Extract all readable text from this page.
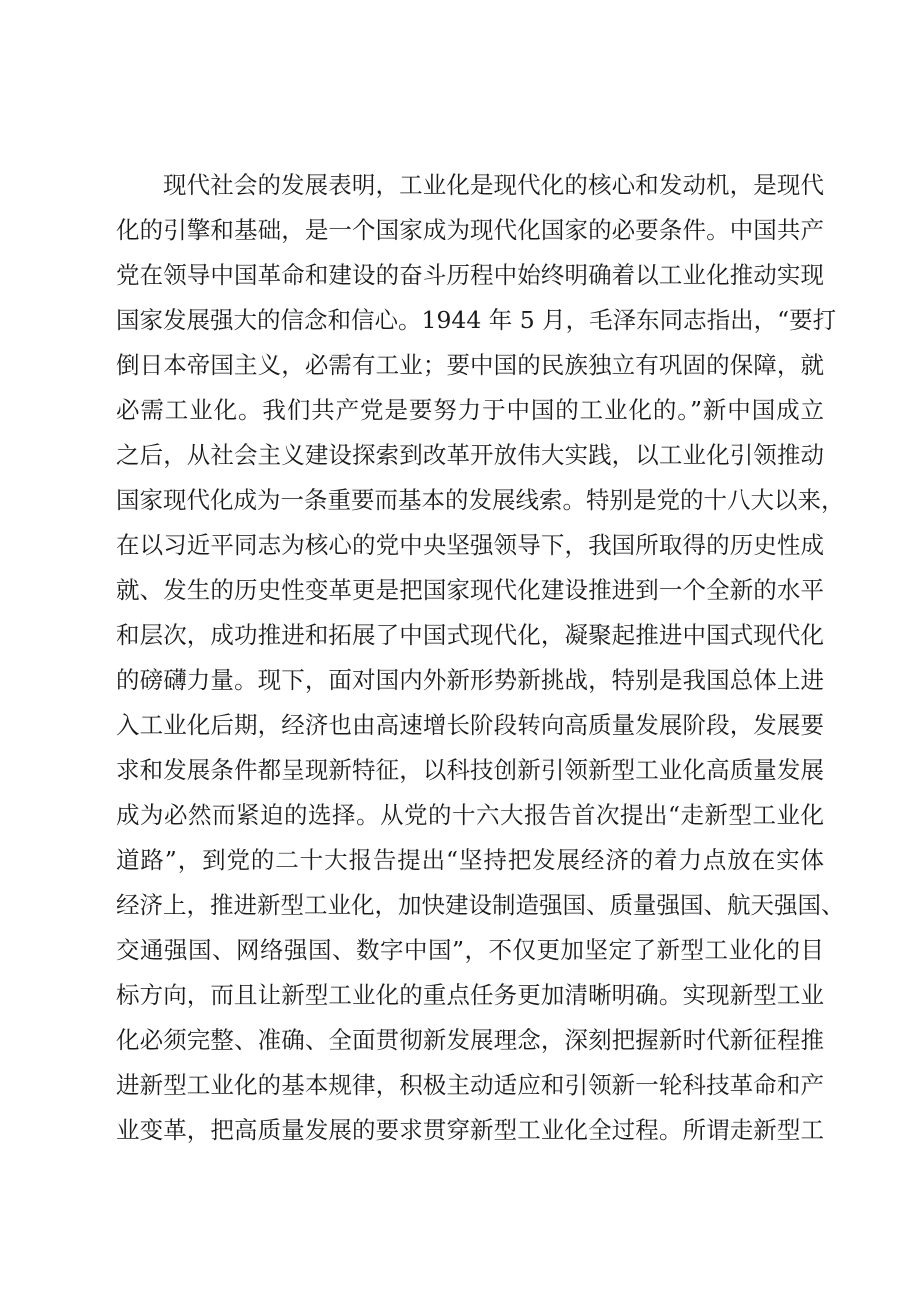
现代社会的发展表明，工业化是现代化的核心和发动机，是现代
化的引擎和基础，是一个国家成为现代化国家的必要条件。中国共产
党在领导中国革命和建设的奋斗历程中始终明确着以工业化推动实现
国家发展强大的信念和信心。1944 年 5 月，毛泽东同志指出，“要打
倒日本帝国主义，必需有工业；要中国的民族独立有巩固的保障，就
必需工业化。我们共产党是要努力于中国的工业化的。”新中国成立
之后，从社会主义建设探索到改革开放伟大实践，以工业化引领推动
国家现代化成为一条重要而基本的发展线索。特别是党的十八大以来，
在以习近平同志为核心的党中央坚强领导下，我国所取得的历史性成
就、发生的历史性变革更是把国家现代化建设推进到一个全新的水平
和层次，成功推进和拓展了中国式现代化，凝聚起推进中国式现代化
的磅礴力量。现下，面对国内外新形势新挑战，特别是我国总体上进
入工业化后期，经济也由高速增长阶段转向高质量发展阶段，发展要
求和发展条件都呈现新特征，以科技创新引领新型工业化高质量发展
成为必然而紧迫的选择。从党的十六大报告首次提出“走新型工业化
道路”，到党的二十大报告提出“坚持把发展经济的着力点放在实体
经济上，推进新型工业化，加快建设制造强国、质量强国、航天强国、
交通强国、网络强国、数字中国”，不仅更加坚定了新型工业化的目
标方向，而且让新型工业化的重点任务更加清晰明确。实现新型工业
化必须完整、准确、全面贯彻新发展理念，深刻把握新时代新征程推
进新型工业化的基本规律，积极主动适应和引领新一轮科技革命和产
业变革，把高质量发展的要求贯穿新型工业化全过程。所谓走新型工
